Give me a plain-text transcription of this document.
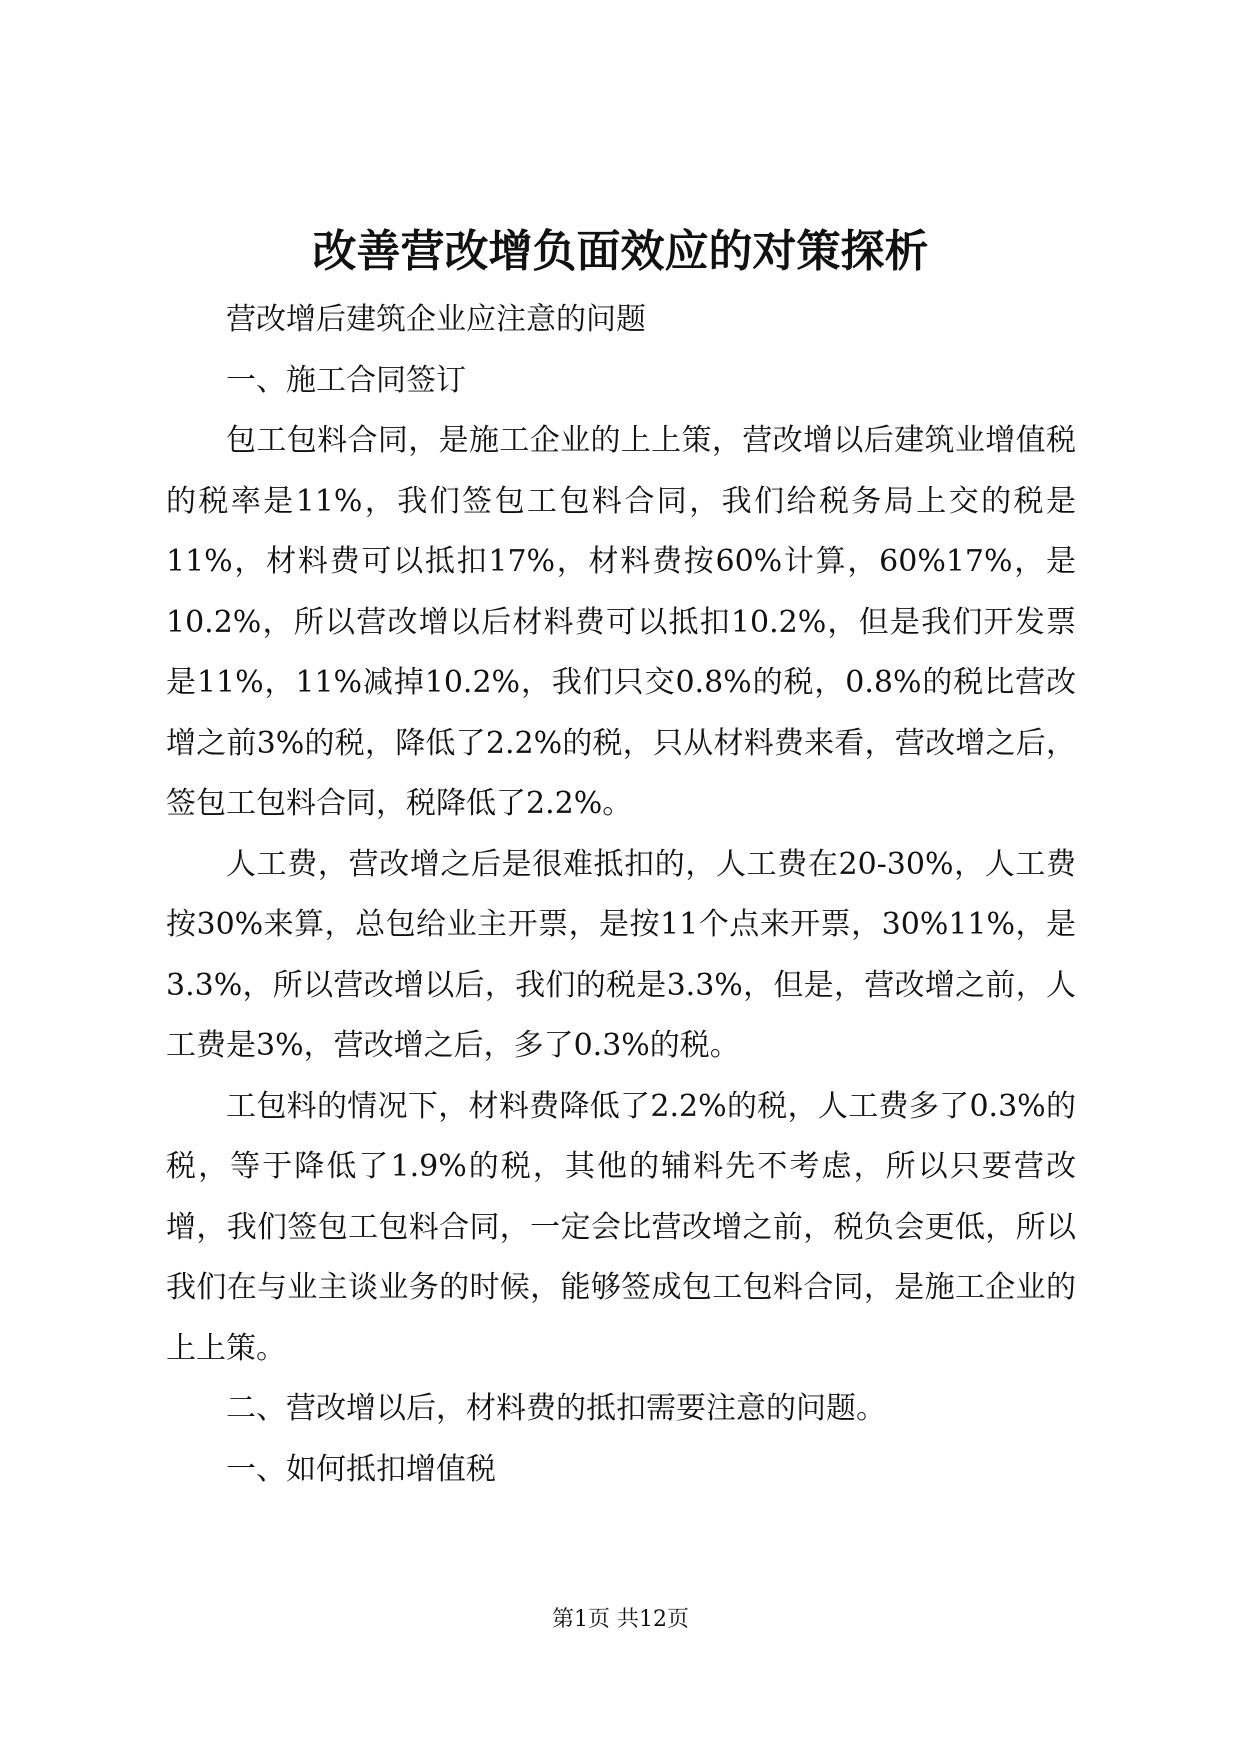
改善营改增负面效应的对策探析

营改增后建筑企业应注意的问题

一、施工合同签订

包工包料合同，是施工企业的上上策，营改增以后建筑业增值税的税率是11%，我们签包工包料合同，我们给税务局上交的税是11%，材料费可以抵扣17%，材料费按60%计算，60%17%，是10.2%，所以营改增以后材料费可以抵扣10.2%，但是我们开发票是11%，11%减掉10.2%，我们只交0.8%的税，0.8%的税比营改增之前3%的税，降低了2.2%的税，只从材料费来看，营改增之后，签包工包料合同，税降低了2.2%。

人工费，营改增之后是很难抵扣的，人工费在20-30%，人工费按30%来算，总包给业主开票，是按11个点来开票，30%11%，是3.3%，所以营改增以后，我们的税是3.3%，但是，营改增之前，人工费是3%，营改增之后，多了0.3%的税。

工包料的情况下，材料费降低了2.2%的税，人工费多了0.3%的税，等于降低了1.9%的税，其他的辅料先不考虑，所以只要营改增，我们签包工包料合同，一定会比营改增之前，税负会更低，所以我们在与业主谈业务的时候，能够签成包工包料合同，是施工企业的上上策。

二、营改增以后，材料费的抵扣需要注意的问题。

一、如何抵扣增值税

第1页 共12页
